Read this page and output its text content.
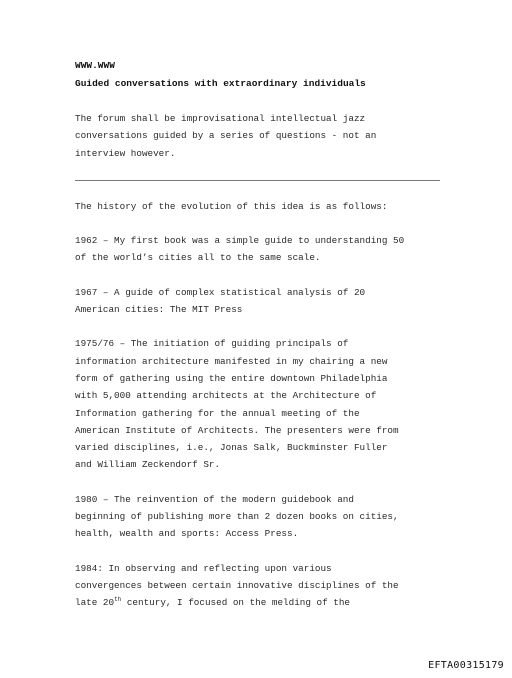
WWW.WWW

Guided conversations with extraordinary individuals

The forum shall be improvisational intellectual jazz
conversations guided by a series of questions - not an
interview however.

The history of the evolution of this idea is as follows:

1962 – My first book was a simple guide to understanding 50
of the world’s cities all to the same scale.

1967 – A guide of complex statistical analysis of 20
American cities: The MIT Press

1975/76 – The initiation of guiding principals of
information architecture manifested in my chairing a new
form of gathering using the entire downtown Philadelphia
with 5,000 attending architects at the Architecture of
Information gathering for the annual meeting of the
American Institute of Architects. The presenters were from
varied disciplines, i.e., Jonas Salk, Buckminster Fuller
and William Zeckendorf Sr.

1980 – The reinvention of the modern guidebook and
beginning of publishing more than 2 dozen books on cities,
health, wealth and sports: Access Press.

1984: In observing and reflecting upon various
convergences between certain innovative disciplines of the
late 20th century, I focused on the melding of the

EFTA00315179
